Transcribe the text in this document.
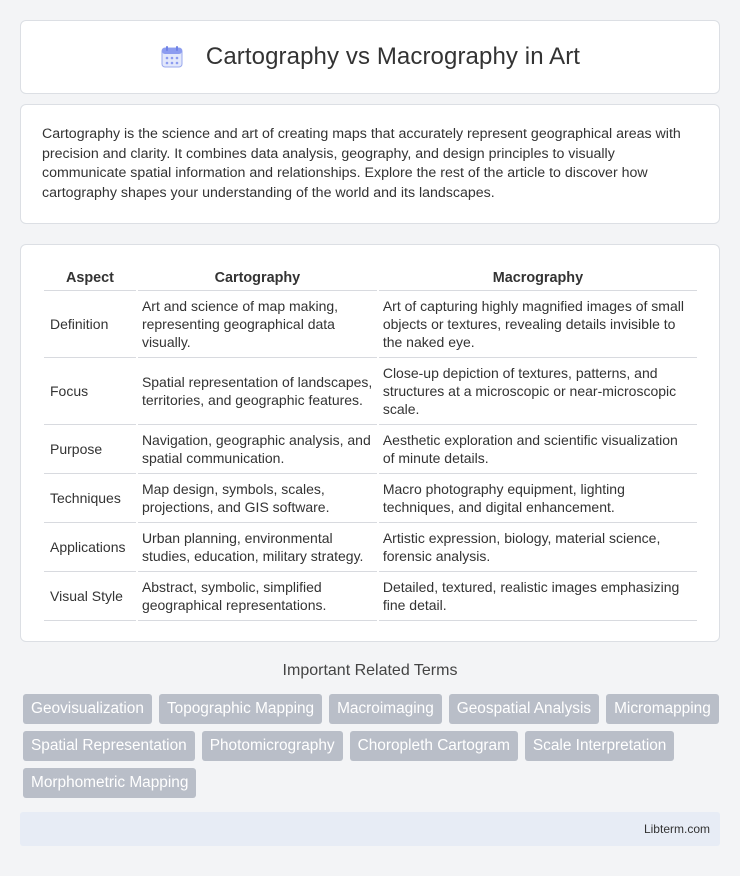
Cartography vs Macrography in Art

Cartography is the science and art of creating maps that accurately represent geographical areas with precision and clarity. It combines data analysis, geography, and design principles to visually communicate spatial information and relationships. Explore the rest of the article to discover how cartography shapes your understanding of the world and its landscapes.

Aspect	Cartography	Macrography
Definition	Art and science of map making, representing geographical data visually.	Art of capturing highly magnified images of small objects or textures, revealing details invisible to the naked eye.
Focus	Spatial representation of landscapes, territories, and geographic features.	Close-up depiction of textures, patterns, and structures at a microscopic or near-microscopic scale.
Purpose	Navigation, geographic analysis, and spatial communication.	Aesthetic exploration and scientific visualization of minute details.
Techniques	Map design, symbols, scales, projections, and GIS software.	Macro photography equipment, lighting techniques, and digital enhancement.
Applications	Urban planning, environmental studies, education, military strategy.	Artistic expression, biology, material science, forensic analysis.
Visual Style	Abstract, symbolic, simplified geographical representations.	Detailed, textured, realistic images emphasizing fine detail.
Important Related Terms
Geovisualization	Topographic Mapping	Macroimaging	Geospatial Analysis	Micromapping
Spatial Representation	Photomicrography	Choropleth Cartogram	Scale Interpretation
Morphometric Mapping
Libterm.com
